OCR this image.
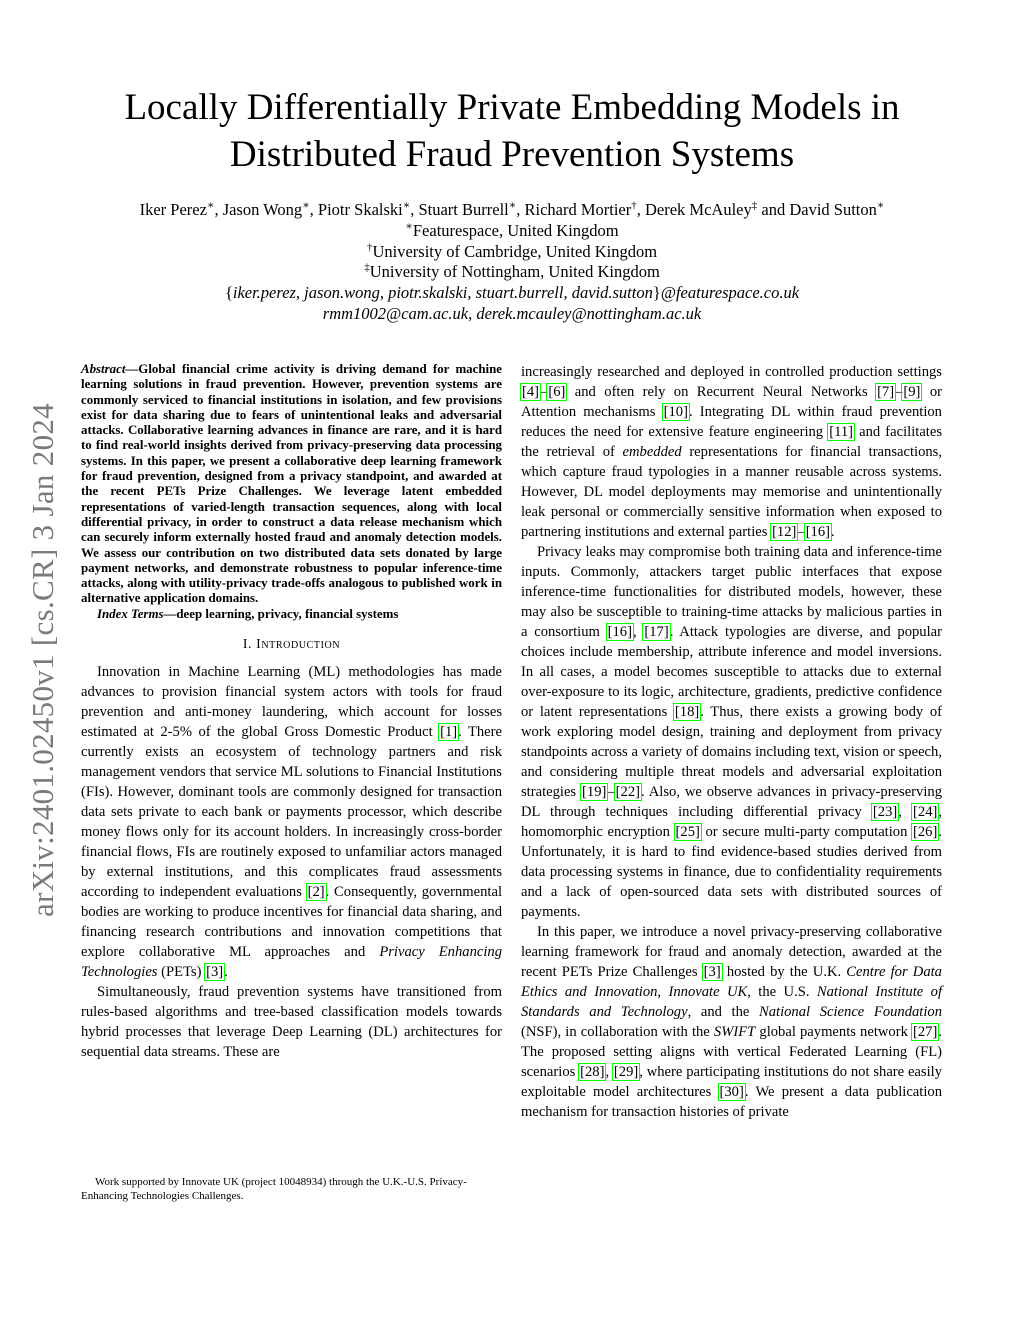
arXiv:2401.02450v1 [cs.CR] 3 Jan 2024
Locally Differentially Private Embedding Models in
Distributed Fraud Prevention Systems
Iker Perez∗, Jason Wong∗, Piotr Skalski∗, Stuart Burrell∗, Richard Mortier†, Derek McAuley‡ and David Sutton∗
∗Featurespace, United Kingdom
†University of Cambridge, United Kingdom
‡University of Nottingham, United Kingdom
{iker.perez, jason.wong, piotr.skalski, stuart.burrell, david.sutton}@featurespace.co.uk
rmm1002@cam.ac.uk, derek.mcauley@nottingham.ac.uk

Abstract—Global financial crime activity is driving demand for machine learning solutions in fraud prevention. However, prevention systems are commonly serviced to financial institutions in isolation, and few provisions exist for data sharing due to fears of unintentional leaks and adversarial attacks. Collaborative learning advances in finance are rare, and it is hard to find real-world insights derived from privacy-preserving data processing systems. In this paper, we present a collaborative deep learning framework for fraud prevention, designed from a privacy standpoint, and awarded at the recent PETs Prize Challenges. We leverage latent embedded representations of varied-length transaction sequences, along with local differential privacy, in order to construct a data release mechanism which can securely inform externally hosted fraud and anomaly detection models. We assess our contribution on two distributed data sets donated by large payment networks, and demonstrate robustness to popular inference-time attacks, along with utility-privacy trade-offs analogous to published work in alternative application domains.

Index Terms—deep learning, privacy, financial systems

I. Introduction

Innovation in Machine Learning (ML) methodologies has made advances to provision financial system actors with tools for fraud prevention and anti-money laundering, which account for losses estimated at 2-5% of the global Gross Domestic Product [1]. There currently exists an ecosystem of technology partners and risk management vendors that service ML solutions to Financial Institutions (FIs). However, dominant tools are commonly designed for transaction data sets private to each bank or payments processor, which describe money flows only for its account holders. In increasingly cross-border financial flows, FIs are routinely exposed to unfamiliar actors managed by external institutions, and this complicates fraud assessments according to independent evaluations [2]. Consequently, governmental bodies are working to produce incentives for financial data sharing, and financing research contributions and innovation competitions that explore collaborative ML approaches and Privacy Enhancing Technologies (PETs) [3].

Simultaneously, fraud prevention systems have transitioned from rules-based algorithms and tree-based classification models towards hybrid processes that leverage Deep Learning (DL) architectures for sequential data streams. These are

Work supported by Innovate UK (project 10048934) through the U.K.-U.S. Privacy-Enhancing Technologies Challenges.

increasingly researched and deployed in controlled production settings [4]–[6] and often rely on Recurrent Neural Networks [7]–[9] or Attention mechanisms [10]. Integrating DL within fraud prevention reduces the need for extensive feature engineering [11] and facilitates the retrieval of embedded representations for financial transactions, which capture fraud typologies in a manner reusable across systems. However, DL model deployments may memorise and unintentionally leak personal or commercially sensitive information when exposed to partnering institutions and external parties [12]–[16].

Privacy leaks may compromise both training data and inference-time inputs. Commonly, attackers target public interfaces that expose inference-time functionalities for distributed models, however, these may also be susceptible to training-time attacks by malicious parties in a consortium [16], [17]. Attack typologies are diverse, and popular choices include membership, attribute inference and model inversions. In all cases, a model becomes susceptible to attacks due to external over-exposure to its logic, architecture, gradients, predictive confidence or latent representations [18]. Thus, there exists a growing body of work exploring model design, training and deployment from privacy standpoints across a variety of domains including text, vision or speech, and considering multiple threat models and adversarial exploitation strategies [19]–[22]. Also, we observe advances in privacy-preserving DL through techniques including differential privacy [23], [24], homomorphic encryption [25] or secure multi-party computation [26]. Unfortunately, it is hard to find evidence-based studies derived from data processing systems in finance, due to confidentiality requirements and a lack of open-sourced data sets with distributed sources of payments.

In this paper, we introduce a novel privacy-preserving collaborative learning framework for fraud and anomaly detection, awarded at the recent PETs Prize Challenges [3] hosted by the U.K. Centre for Data Ethics and Innovation, Innovate UK, the U.S. National Institute of Standards and Technology, and the National Science Foundation (NSF), in collaboration with the SWIFT global payments network [27]. The proposed setting aligns with vertical Federated Learning (FL) scenarios [28], [29], where participating institutions do not share easily exploitable model architectures [30]. We present a data publication mechanism for transaction histories of private
